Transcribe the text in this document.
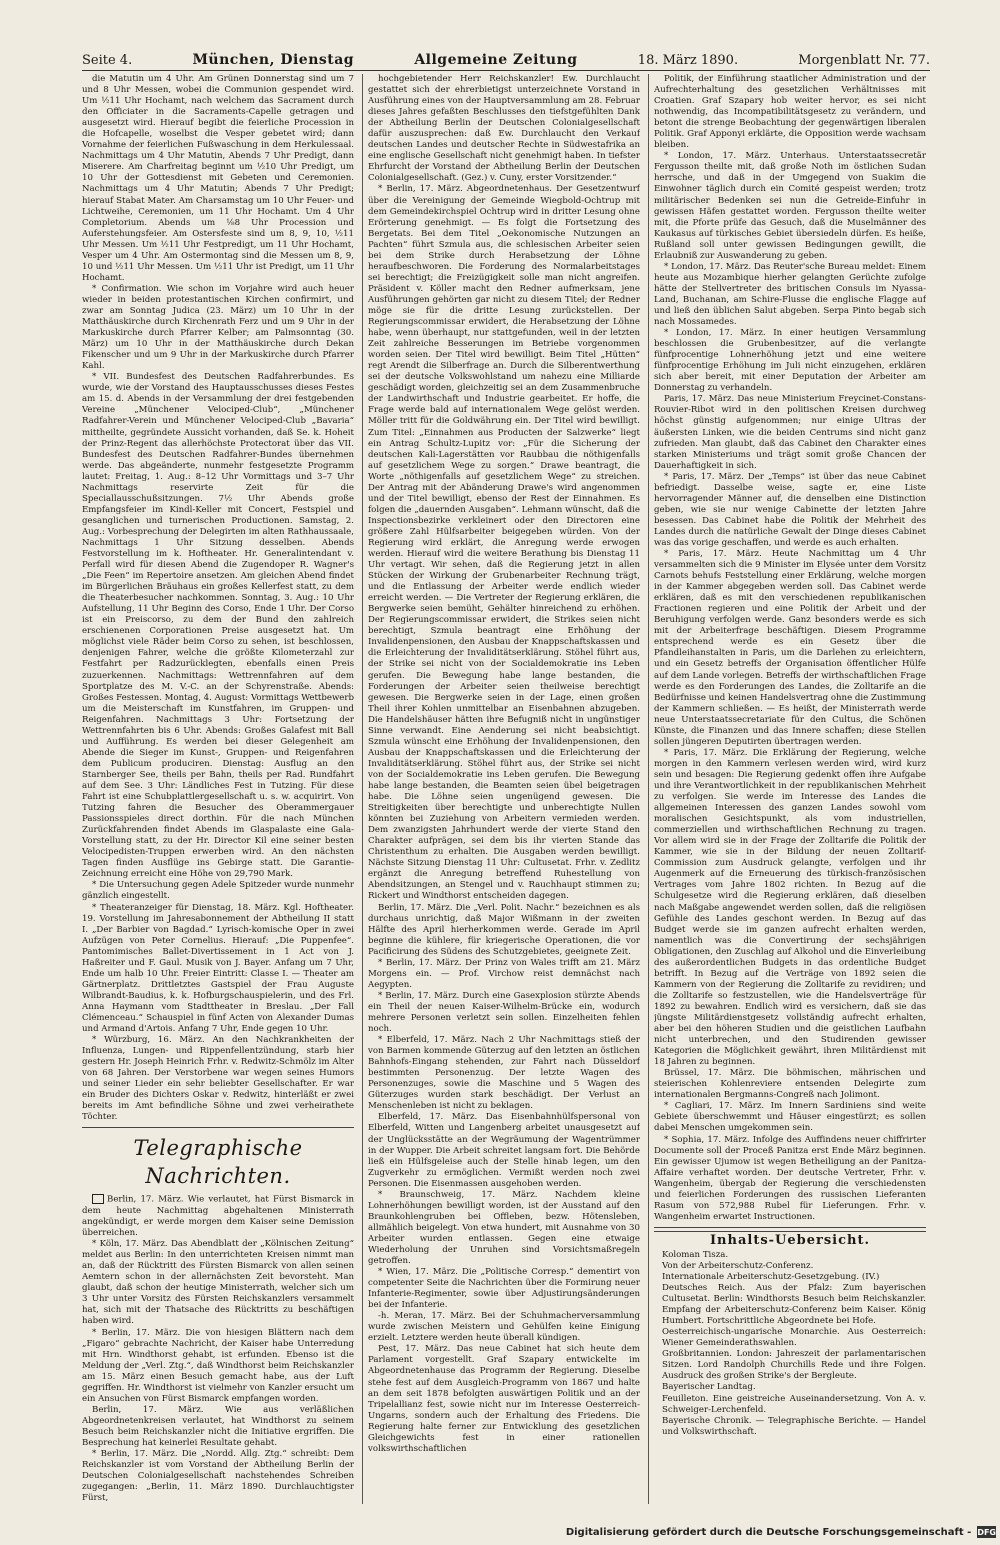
Seite 4.	München, Dienstag	Allgemeine Zeitung	18. März 1890.	Morgenblatt Nr. 77.

die Matutin um 4 Uhr. Am Grünen Donnerstag sind um 7 und 8 Uhr Messen, wobei die Communion gespendet wird. Um ½11 Uhr Hochamt, nach welchem das Sacrament durch den Officiater in die Sacraments-Capelle getragen und ausgesetzt wird. Hierauf begibt die feierliche Procession in die Hofcapelle, woselbst die Vesper gebetet wird; dann Vornahme der feierlichen Fußwaschung in dem Herkulessaal. Nachmittags um 4 Uhr Matutin, Abends 7 Uhr Predigt, dann Miserere. Am Charfreitag beginnt um ½10 Uhr Predigt, um 10 Uhr der Gottesdienst mit Gebeten und Ceremonien. Nachmittags um 4 Uhr Matutin; Abends 7 Uhr Predigt; hierauf Stabat Mater. Am Charsamstag um 10 Uhr Feuer- und Lichtweihe, Ceremonien, um 11 Uhr Hochamt. Um 4 Uhr Completorium. Abends um ⅛8 Uhr Procession und Auferstehungsfeier. Am Ostersfeste sind um 8, 9, 10, ½11 Uhr Messen. Um ½11 Uhr Festpredigt, um 11 Uhr Hochamt, Vesper um 4 Uhr. Am Ostermontag sind die Messen um 8, 9, 10 und ½11 Uhr Messen. Um ½11 Uhr ist Predigt, um 11 Uhr Hochamt.

* Confirmation. Wie schon im Vorjahre wird auch heuer wieder in beiden protestantischen Kirchen confirmirt, und zwar am Sonntag Judica (23. März) um 10 Uhr in der Matthäuskirche durch Kirchenrath Ferz und um 9 Uhr in der Markuskirche durch Pfarrer Kelber; am Palmsonntag (30. März) um 10 Uhr in der Matthäuskirche durch Dekan Fikenscher und um 9 Uhr in der Markuskirche durch Pfarrer Kahl.

* VII. Bundesfest des Deutschen Radfahrerbundes. Es wurde, wie der Vorstand des Hauptausschusses dieses Festes am 15. d. Abends in der Versammlung der drei festgebenden Vereine „Münchener Velociped-Club“, „Münchener Radfahrer-Verein und Münchener Velociped-Club „Bavaria“ mittheilte, gegründete Aussicht vorhanden, daß Se. k. Hoheit der Prinz-Regent das allerhöchste Protectorat über das VII. Bundesfest des Deutschen Radfahrer-Bundes übernehmen werde. Das abgeänderte, nunmehr festgesetzte Programm lautet: Freitag, 1. Aug.: 8–12 Uhr Vormittags und 3–7 Uhr Nachmittags reservirte Zeit für die Speciallausschußsitzungen. 7½ Uhr Abends große Empfangsfeier im Kindl-Keller mit Concert, Festspiel und gesanglichen und turnerischen Productionen. Samstag, 2. Aug.: Vorbesprechung der Delegirten im alten Rathhaussaale, Nachmittags 1 Uhr Sitzung desselben. Abends Festvorstellung im k. Hoftheater. Hr. Generalintendant v. Perfall wird für diesen Abend die Zugendoper R. Wagner's „Die Feen“ im Repertoire ansetzen. Am gleichen Abend findet im Bürgerlichen Bräuhaus ein großes Kellerfest statt, zu dem die Theaterbesucher nachkommen. Sonntag, 3. Aug.: 10 Uhr Aufstellung, 11 Uhr Beginn des Corso, Ende 1 Uhr. Der Corso ist ein Preiscorso, zu dem der Bund den zahlreich erschienenen Corporationen Preise ausgesetzt hat. Um möglichst viele Räder beim Corso zu sehen, ist beschlossen, denjenigen Fahrer, welche die größte Kilometerzahl zur Festfahrt per Radzurücklegten, ebenfalls einen Preis zuzuerkennen. Nachmittags: Wettrennfahren auf dem Sportplatze des M. V.-C. an der Schyrenstraße. Abends: Großes Festessen. Montag, 4. August: Vormittags Wettbewerb um die Meisterschaft im Kunstfahren, im Gruppen- und Reigenfahren. Nachmittags 3 Uhr: Fortsetzung der Wettrennfahrten bis 6 Uhr. Abends: Großes Galafest mit Ball und Aufführung. Es werden bei dieser Gelegenheit am Abende die Sieger im Kunst-, Gruppen- und Reigenfahren dem Publicum produciren. Dienstag: Ausflug an den Starnberger See, theils per Bahn, theils per Rad. Rundfahrt auf dem See. 3 Uhr: Ländliches Fest in Tutzing. Für diese Fahrt ist eine Schubplattlergesellschaft u. s. w. acquirirt. Von Tutzing fahren die Besucher des Oberammergauer Passionsspieles direct dorthin. Für die nach München Zurückfahrenden findet Abends im Glaspalaste eine Gala-Vorstellung statt, zu der Hr. Director Kil eine seiner besten Velocipedisten-Truppen erwerben wird. An den nächsten Tagen finden Ausflüge ins Gebirge statt. Die Garantie-Zeichnung erreicht eine Höhe von 29,790 Mark.

* Die Untersuchung gegen Adele Spitzeder wurde nunmehr gänzlich eingestellt.

* Theateranzeiger für Dienstag, 18. März. Kgl. Hoftheater. 19. Vorstellung im Jahresabonnement der Abtheilung II statt I. „Der Barbier von Bagdad.“ Lyrisch-komische Oper in zwei Aufzügen von Peter Cornelius. Hierauf: „Die Puppenfee“. Pantomimisches Ballet-Divertissement in 1 Act von J. Haßreiter und F. Gaul. Musik von J. Bayer. Anfang um 7 Uhr, Ende um halb 10 Uhr. Freier Eintritt: Classe I. — Theater am Gärtnerplatz. Drittletztes Gastspiel der Frau Auguste Wilbrandt-Baudius, k. k. Hofburgschauspielerin, und des Frl. Anna Haymann vom Stadttheater in Breslau. „Der Fall Clémenceau.“ Schauspiel in fünf Acten von Alexander Dumas und Armand d'Artois. Anfang 7 Uhr, Ende gegen 10 Uhr.

* Würzburg, 16. März. An den Nachkrankheiten der Influenza, Lungen- und Rippenfellentzündung, starb hier gestern Hr. Joseph Heinrich Frhr. v. Redwitz-Schmölz im Alter von 68 Jahren. Der Verstorbene war wegen seines Humors und seiner Lieder ein sehr beliebter Gesellschafter. Er war ein Bruder des Dichters Oskar v. Redwitz, hinterläßt er zwei bereits im Amt befindliche Söhne und zwei verheirathete Töchter.

Telegraphische Nachrichten.

Berlin, 17. März. Wie verlautet, hat Fürst Bismarck in dem heute Nachmittag abgehaltenen Ministerrath angekündigt, er werde morgen dem Kaiser seine Demission überreichen.

* Köln, 17. März. Das Abendblatt der „Kölnischen Zeitung“ meldet aus Berlin: In den unterrichteten Kreisen nimmt man an, daß der Rücktritt des Fürsten Bismarck von allen seinen Aemtern schon in der allernächsten Zeit bevorsteht. Man glaubt, daß schon der heutige Ministerrath, welcher sich um 3 Uhr unter Vorsitz des Fürsten Reichskanzlers versammelt hat, sich mit der Thatsache des Rücktritts zu beschäftigen haben wird.

* Berlin, 17. März. Die von hiesigen Blättern nach dem „Figaro“ gebrachte Nachricht, der Kaiser habe Unterredung mit Hrn. Windthorst gehabt, ist erfunden. Ebenso ist die Meldung der „Verl. Ztg.“, daß Windthorst beim Reichskanzler am 15. März einen Besuch gemacht habe, aus der Luft gegriffen. Hr. Windthorst ist vielmehr von Kanzler ersucht um ein Ansuchen von Fürst Bismarck empfangen worden.

Berlin, 17. März. Wie aus verläßlichen Abgeordnetenkreisen verlautet, hat Windthorst zu seinem Besuch beim Reichskanzler nicht die Initiative ergriffen. Die Besprechung hat keinerlei Resultate gehabt.

* Berlin, 17. März. Die „Nordd. Allg. Ztg.“ schreibt: Dem Reichskanzler ist vom Vorstand der Abtheilung Berlin der Deutschen Colonialgesellschaft nachstehendes Schreiben zugegangen: „Berlin, 11. März 1890. Durchlauchtigster Fürst,

hochgebietender Herr Reichskanzler! Ew. Durchlaucht gestattet sich der ehrerbietigst unterzeichnete Vorstand in Ausführung eines von der Hauptversammlung am 28. Februar dieses Jahres gefaßten Beschlusses den tiefstgefühlten Dank der Abtheilung Berlin der Deutschen Colonialgesellschaft dafür auszusprechen: daß Ew. Durchlaucht den Verkauf deutschen Landes und deutscher Rechte in Südwestafrika an eine englische Gesellschaft nicht genehmigt haben. In tiefster Ehrfurcht der Vorstand der Abtheilung Berlin der Deutschen Colonialgesellschaft. (Gez.) v. Cuny, erster Vorsitzender.“

* Berlin, 17. März. Abgeordnetenhaus. Der Gesetzentwurf über die Vereinigung der Gemeinde Wiegbold-Ochtrup mit dem Gemeindekirchspiel Ochtrup wird in dritter Lesung ohne Erörterung genehmigt. — Es folgt die Fortsetzung des Bergetats. Bei dem Titel „Oekonomische Nutzungen an Pachten“ führt Szmula aus, die schlesischen Arbeiter seien bei dem Strike durch Herabsetzung der Löhne heraufbeschworen. Die Forderung des Normalarbeitstages sei berechtigt; die Freizügigkeit solle man nicht angreifen. Präsident v. Köller macht den Redner aufmerksam, jene Ausführungen gehörten gar nicht zu diesem Titel; der Redner möge sie für die dritte Lesung zurückstellen. Der Regierungscommissar erwidert, die Herabsetzung der Löhne habe, wenn überhaupt, nur stattgefunden, weil in der letzten Zeit zahlreiche Besserungen im Betriebe vorgenommen worden seien. Der Titel wird bewilligt. Beim Titel „Hütten“ regt Arendt die Silberfrage an. Durch die Silberentwerthung sei der deutsche Volkswohlstand um nahezu eine Milliarde geschädigt worden, gleichzeitig sei an dem Zusammenbruche der Landwirthschaft und Industrie gearbeitet. Er hoffe, die Frage werde bald auf internationalem Wege gelöst werden. Möller tritt für die Goldwährung ein. Der Titel wird bewilligt. Zum Titel: „Einnahmen aus Producten der Salzwerke“ liegt ein Antrag Schultz-Lupitz vor: „Für die Sicherung der deutschen Kali-Lagerstätten vor Raubbau die nöthigenfalls auf gesetzlichem Wege zu sorgen.“ Drawe beantragt, die Worte „nöthigenfalls auf gesetzlichem Wege“ zu streichen. Der Antrag mit der Abänderung Drawe's wird angenommen und der Titel bewilligt, ebenso der Rest der Einnahmen. Es folgen die „dauernden Ausgaben“. Lehmann wünscht, daß die Inspectionsbezirke verkleinert oder den Directoren eine größere Zahl Hülfsarbeiter beigegeben würden. Von der Regierung wird erklärt, die Anregung werde erwogen werden. Hierauf wird die weitere Berathung bis Dienstag 11 Uhr vertagt. Wir sehen, daß die Regierung jetzt in allen Stücken der Wirkung der Grubenarbeiter Rechnung trägt, und die Entlassung der Arbeiter werde endlich wieder erreicht werden. — Die Vertreter der Regierung erklären, die Bergwerke seien bemüht, Gehälter hinreichend zu erhöhen. Der Regierungscommissar erwidert, die Strikes seien nicht berechtigt, Szmula beantragt eine Erhöhung der Invalidenpensionen, den Ausbau der Knappschaftskassen und die Erleichterung der Invaliditätserklärung. Stöhel führt aus, der Strike sei nicht von der Socialdemokratie ins Leben gerufen. Die Bewegung habe lange bestanden, die Forderungen der Arbeiter seien theilweise berechtigt gewesen. Die Bergwerke seien in der Lage, einen großen Theil ihrer Kohlen unmittelbar an Eisenbahnen abzugeben. Die Handelshäuser hätten ihre Befugniß nicht in ungünstiger Sinne verwandt. Eine Aenderung sei nicht beabsichtigt. Szmula wünscht eine Erhöhung der Invalidenpensionen, den Ausbau der Knappschaftskassen und die Erleichterung der Invaliditätserklärung. Stöhel führt aus, der Strike sei nicht von der Socialdemokratie ins Leben gerufen. Die Bewegung habe lange bestanden, die Beamten seien übel beigetragen habe. Die Löhne seien ungenügend gewesen. Die Streitigkeiten über berechtigte und unberechtigte Nullen könnten bei Zuziehung von Arbeitern vermieden werden. Dem zwanzigsten Jahrhundert werde der vierte Stand den Charakter aufprägen, sei dem bis ihr vierten Stande das Christenthum zu erhalten. Die Ausgaben werden bewilligt. Nächste Sitzung Dienstag 11 Uhr: Cultusetat. Frhr. v. Zedlitz ergänzt die Anregung betreffend Ruhestellung von Abendsitzungen, an Stengel und v. Rauchhaupt stimmen zu; Rickert und Windthorst entscheiden dagegen.

Berlin, 17. März. Die „Verl. Polit. Nachr.“ bezeichnen es als durchaus unrichtig, daß Major Wißmann in der zweiten Hälfte des April hierherkommen werde. Gerade im April beginne die kühlere, für kriegerische Operationen, die vor Pacificirung des Südens des Schutzgebietes, geeignete Zeit.

* Berlin, 17. März. Der Prinz von Wales trifft am 21. März Morgens ein. — Prof. Virchow reist demnächst nach Aegypten.

* Berlin, 17. März. Durch eine Gasexplosion stürzte Abends ein Theil der neuen Kaiser-Wilhelm-Brücke ein, wodurch mehrere Personen verletzt sein sollen. Einzelheiten fehlen noch.

* Elberfeld, 17. März. Nach 2 Uhr Nachmittags stieß der von Barmen kommende Güterzug auf den letzten an östlichen Bahnhofs-Eingang stehenden, zur Fahrt nach Düsseldorf bestimmten Personenzug. Der letzte Wagen des Personenzuges, sowie die Maschine und 5 Wagen des Güterzuges wurden stark beschädigt. Der Verlust an Menschenleben ist nicht zu beklagen.

Elberfeld, 17. März. Das Eisenbahnhülfspersonal von Elberfeld, Witten und Langenberg arbeitet unausgesetzt auf der Unglücksstätte an der Wegräumung der Wagentrümmer in der Wupper. Die Arbeit schreitet langsam fort. Die Behörde ließ ein Hülfsgeleise auch der Stelle hinab legen, um den Zugverkehr zu ermöglichen. Vermißt werden noch zwei Personen. Die Eisenmassen ausgehoben werden.

* Braunschweig, 17. März. Nachdem kleine Lohnerhöhungen bewilligt worden, ist der Ausstand auf den Braunkohlengruben bei Offleben, bezw. Hötensleben, allmählich beigelegt. Von etwa hundert, mit Ausnahme von 30 Arbeiter wurden entlassen. Gegen eine etwaige Wiederholung der Unruhen sind Vorsichtsmaßregeln getroffen.

* Wien, 17. März. Die „Politische Corresp.“ dementirt von competenter Seite die Nachrichten über die Formirung neuer Infanterie-Regimenter, sowie über Adjustirungsänderungen bei der Infanterie.

-h. Meran, 17. März. Bei der Schuhmacherversammlung wurde zwischen Meistern und Gehülfen keine Einigung erzielt. Letztere werden heute überall kündigen.

Pest, 17. März. Das neue Cabinet hat sich heute dem Parlament vorgestellt. Graf Szapary entwickelte im Abgeordnetenhause das Programm der Regierung. Dieselbe stehe fest auf dem Ausgleich-Programm von 1867 und halte an dem seit 1878 befolgten auswärtigen Politik und an der Tripelallianz fest, sowie nicht nur im Interesse Oesterreich-Ungarns, sondern auch der Erhaltung des Friedens. Die Regierung halte ferner zur Entwicklung des gesetzlichen Gleichgewichts fest in einer rationellen volkswirthschaftlichen

Politik, der Einführung staatlicher Administration und der Aufrechterhaltung des gesetzlichen Verhältnisses mit Croatien. Graf Szapary hob weiter hervor, es sei nicht nothwendig, das Incompatibilitätsgesetz zu verändern, und betont die strenge Beobachtung der gegenwärtigen liberalen Politik. Graf Apponyi erklärte, die Opposition werde wachsam bleiben.

* London, 17. März. Unterhaus. Unterstaatssecretär Fergusson theilte mit, daß große Noth im östlichen Sudan herrsche, und daß in der Umgegend von Suakim die Einwohner täglich durch ein Comité gespeist werden; trotz militärischer Bedenken sei nun die Getreide-Einfuhr in gewissen Häfen gestattet worden. Fergusson theilte weiter mit, die Pforte prüfe das Gesuch, daß die Muselmänner des Kaukasus auf türkisches Gebiet übersiedeln dürfen. Es heiße, Rußland soll unter gewissen Bedingungen gewillt, die Erlaubniß zur Auswanderung zu geben.

* London, 17. März. Das Reuter'sche Bureau meldet: Einem heute aus Mozambique hierher gelangten Gerüchte zufolge hätte der Stellvertreter des britischen Consuls im Nyassa-Land, Buchanan, am Schire-Flusse die englische Flagge auf und ließ den üblichen Salut abgeben. Serpa Pinto begab sich nach Mossamedes.

* London, 17. März. In einer heutigen Versammlung beschlossen die Grubenbesitzer, auf die verlangte fünfprocentige Lohnerhöhung jetzt und eine weitere fünfprocentige Erhöhung im Juli nicht einzugehen, erklären sich aber bereit, mit einer Deputation der Arbeiter am Donnerstag zu verhandeln.

Paris, 17. März. Das neue Ministerium Freycinet-Constans-Rouvier-Ribot wird in den politischen Kreisen durchweg höchst günstig aufgenommen; nur einige Ultras der äußersten Linken, wie die beiden Centrums sind nicht ganz zufrieden. Man glaubt, daß das Cabinet den Charakter eines starken Ministeriums und trägt somit große Chancen der Dauerhaftigkeit in sich.

* Paris, 17. März. Der „Temps“ ist über das neue Cabinet befriedigt. Dasselbe weise, sagte er, eine Liste hervorragender Männer auf, die denselben eine Distinction geben, wie sie nur wenige Cabinette der letzten Jahre besessen. Das Cabinet habe die Politik der Mehrheit des Landes durch die natürliche Gewalt der Dinge dieses Cabinet was das vorige geschaffen, und werde es auch erhalten.

* Paris, 17. März. Heute Nachmittag um 4 Uhr versammelten sich die 9 Minister im Elysée unter dem Vorsitz Carnots behufs Feststellung einer Erklärung, welche morgen in der Kammer abgegeben werden soll. Das Cabinet werde erklären, daß es mit den verschiedenen republikanischen Fractionen regieren und eine Politik der Arbeit und der Beruhigung verfolgen werde. Ganz besonders werde es sich mit der Arbeiterfrage beschäftigen. Diesem Programme entsprechend werde es ein Gesetz über die Pfandleihanstalten in Paris, um die Darlehen zu erleichtern, und ein Gesetz betreffs der Organisation öffentlicher Hülfe auf dem Lande vorlegen. Betreffs der wirthschaftlichen Frage werde es den Forderungen des Landes, die Zolltarife an die Bedürfnisse und keinen Handelsvertrag ohne die Zustimmung der Kammern schließen. — Es heißt, der Ministerrath werde neue Unterstaatssecretariate für den Cultus, die Schönen Künste, die Finanzen und das Innere schaffen; diese Stellen sollen jüngeren Deputirten übertragen werden.

* Paris, 17. März. Die Erklärung der Regierung, welche morgen in den Kammern verlesen werden wird, wird kurz sein und besagen: Die Regierung gedenkt offen ihre Aufgabe und ihre Verantwortlichkeit in der republikanischen Mehrheit zu verfolgen. Sie werde im Interesse des Landes die allgemeinen Interessen des ganzen Landes sowohl vom moralischen Gesichtspunkt, als vom industriellen, commerziellen und wirthschaftlichen Rechnung zu tragen. Vor allem wird sie in der Frage der Zolltarife die Politik der Kammer, wie sie in der Bildung der neuen Zolltarif-Commission zum Ausdruck gelangte, verfolgen und ihr Augenmerk auf die Erneuerung des türkisch-französischen Vertrages vom Jahre 1802 richten. In Bezug auf die Schulgesetze wird die Regierung erklären, daß dieselben nach Maßgabe angewendet werden sollen, daß die religiösen Gefühle des Landes geschont werden. In Bezug auf das Budget werde sie im ganzen aufrecht erhalten werden, namentlich was die Convertirung der sechsjährigen Obligationen, den Zuschlag auf Alkohol und die Einverleibung des außerordentlichen Budgets in das ordentliche Budget betrifft. In Bezug auf die Verträge von 1892 seien die Kammern von der Regierung die Zolltarife zu revidiren; und die Zolltarife so festzustellen, wie die Handelsverträge für 1892 zu bewahren. Endlich wird es versichern, daß sie das jüngste Militärdienstgesetz vollständig aufrecht erhalten, aber bei den höheren Studien und die geistlichen Laufbahn nicht unterbrechen, und den Studirenden gewisser Kategorien die Möglichkeit gewährt, ihren Militärdienst mit 18 Jahren zu beginnen.

Brüssel, 17. März. Die böhmischen, mährischen und steierischen Kohlenreviere entsenden Delegirte zum internationalen Bergmanns-Congreß nach Jolimont.

* Cagliari, 17. März. Im Innern Sardiniens sind weite Gebiete überschwemmt und Häuser eingestürzt; es sollen dabei Menschen umgekommen sein.

* Sophia, 17. März. Infolge des Auffindens neuer chiffrirter Documente soll der Proceß Panitza erst Ende März beginnen. Ein gewisser Ujumow ist wegen Betheiligung an der Panitza-Affaire verhaftet worden. Der deutsche Vertreter, Frhr. v. Wangenheim, übergab der Regierung die verschiedensten und feierlichen Forderungen des russischen Lieferanten Rasum von 572,988 Rubel für Lieferungen. Frhr. v. Wangenheim erwartet Instructionen.

Inhalts-Uebersicht.

Koloman Tisza.

Von der Arbeiterschutz-Conferenz.

Internationale Arbeiterschutz-Gesetzgebung. (IV.)

Deutsches Reich. Aus der Pfalz: Zum bayerischen Cultusetat. Berlin: Windthorsts Besuch beim Reichskanzler. Empfang der Arbeiterschutz-Conferenz beim Kaiser. König Humbert. Fortschrittliche Abgeordnete bei Hofe.

Oesterreichisch-ungarische Monarchie. Aus Oesterreich: Wiener Gemeinderathswahlen.

Großbritannien. London: Jahreszeit der parlamentarischen Sitzen. Lord Randolph Churchills Rede und ihre Folgen. Ausdruck des großen Strike's der Bergleute.

Bayerischer Landtag.

Feuilleton. Eine geistreiche Auseinandersetzung. Von A. v. Schweiger-Lerchenfeld.

Bayerische Chronik. — Telegraphische Berichte. — Handel und Volkswirthschaft.

Digitalisierung gefördert durch die Deutsche Forschungsgemeinschaft - DFG
